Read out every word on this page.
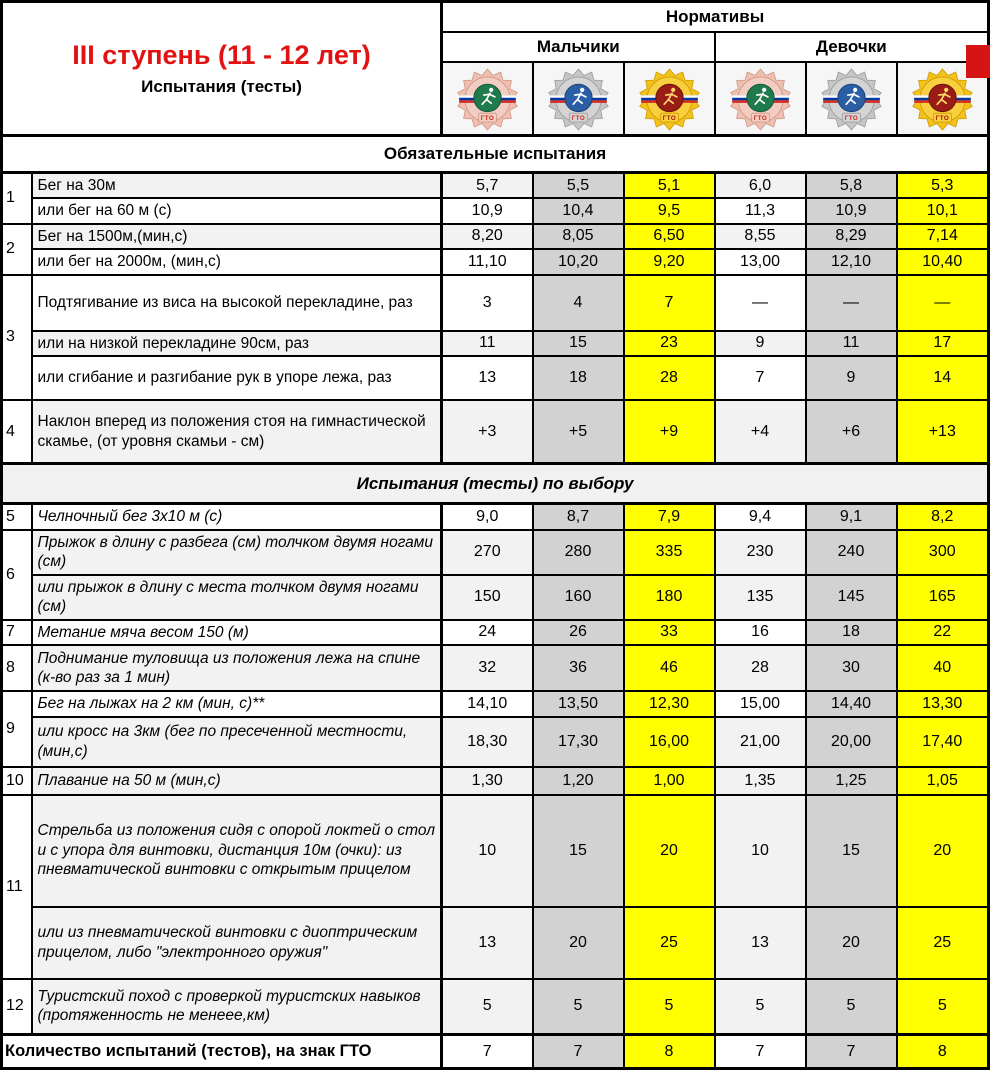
III ступень (11 - 12 лет)
Испытания (тесты)		Нормативы					
		Мальчики			Девочки		

ГТО	ГТО	ГТО	ГТО	ГТО	ГТО

Обязательные испытания							
1	Бег на 30м	5,7	5,5	5,1	6,0	5,8	5,3
	или бег на 60 м (с)	10,9	10,4	9,5	11,3	10,9	10,1
2	Бег на 1500м,(мин,с)	8,20	8,05	6,50	8,55	8,29	7,14
	или бег на 2000м, (мин,с)	11,10	10,20	9,20	13,00	12,10	10,40
3	Подтягивание из виса на высокой перекладине, раз	3	4	7	—	—	—
	или на низкой перекладине 90см, раз	11	15	23	9	11	17
	или сгибание и разгибание рук в упоре лежа, раз	13	18	28	7	9	14
4	Наклон вперед из положения стоя на гимнастической скамье, (от уровня скамьи - см)	+3	+5	+9	+4	+6	+13
Испытания (тесты) по выбору							
5	Челночный бег 3х10 м (с)	9,0	8,7	7,9	9,4	9,1	8,2
6	Прыжок в длину с разбега (см) толчком двумя ногами (см)	270	280	335	230	240	300
	или прыжок в длину с места толчком двумя ногами (см)	150	160	180	135	145	165
7	Метание мяча весом 150 (м)	24	26	33	16	18	22
8	Поднимание туловища из положения лежа на спине (к-во раз за 1 мин)	32	36	46	28	30	40
9	Бег на лыжах на 2 км (мин, с)**	14,10	13,50	12,30	15,00	14,40	13,30
	или кросс на 3км (бег по пресеченной местности, (мин,с)	18,30	17,30	16,00	21,00	20,00	17,40
10	Плавание на 50 м (мин,с)	1,30	1,20	1,00	1,35	1,25	1,05
11	Стрельба из положения сидя с опорой локтей о стол и с упора для винтовки, дистанция 10м (очки): из пневматической винтовки с открытым прицелом	10	15	20	10	15	20
	или из пневматической винтовки с диоптрическим прицелом, либо "электронного оружия"	13	20	25	13	20	25
12	Туристский поход с проверкой туристских навыков (протяженность не менеее,км)	5	5	5	5	5	5
Количество испытаний (тестов), на знак ГТО		7	7	8	7	7	8
